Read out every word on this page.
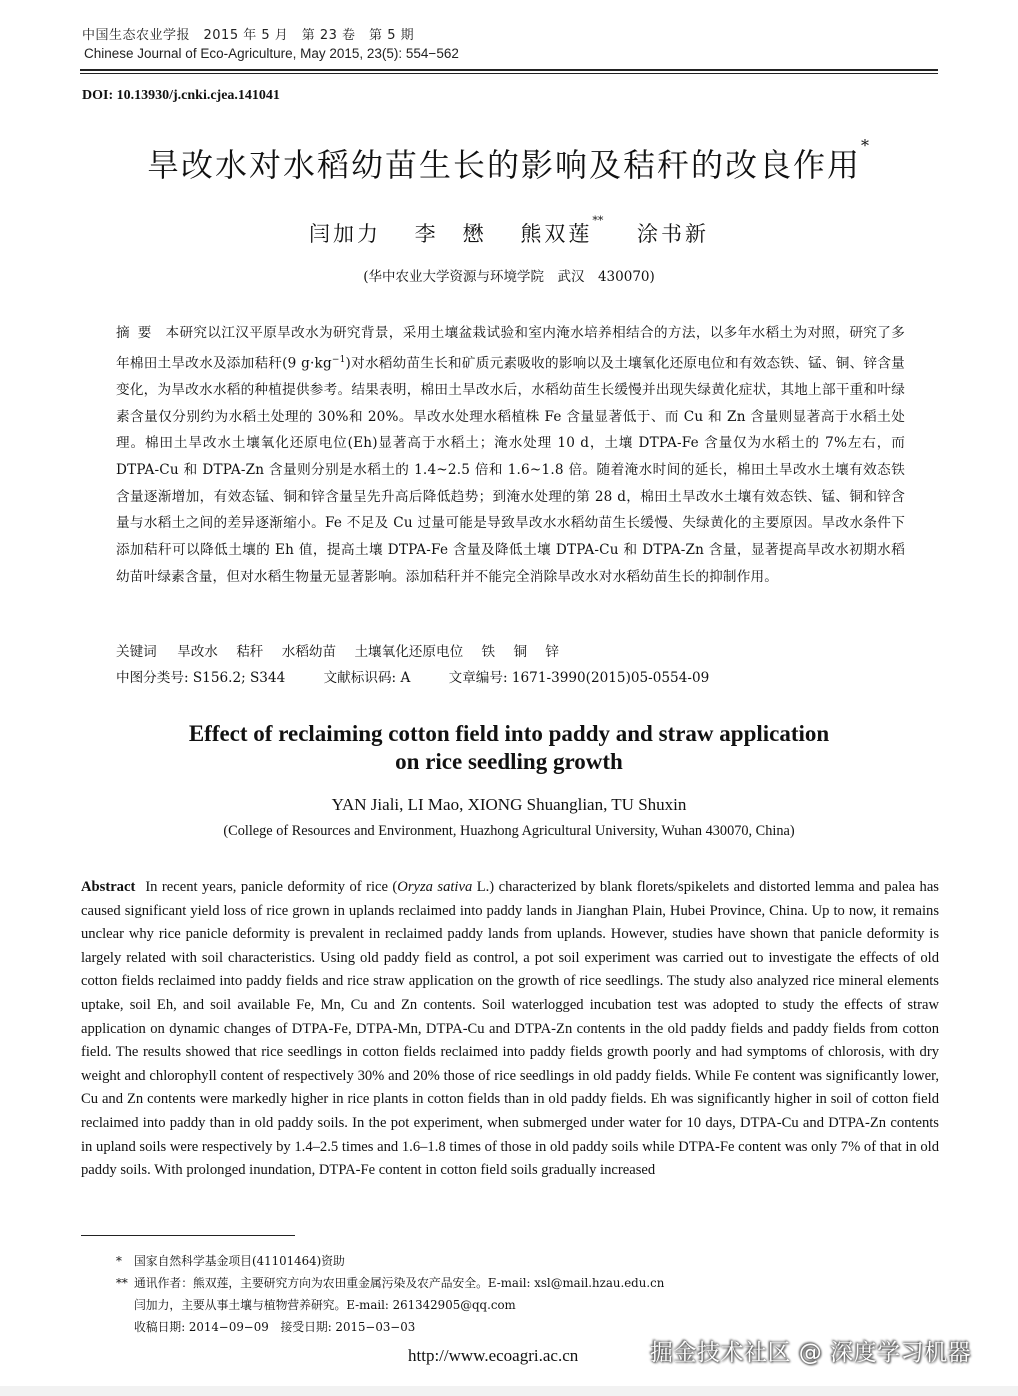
中国生态农业学报　2015 年 5 月　第 23 卷　第 5 期
Chinese Journal of Eco-Agriculture, May 2015, 23(5): 554−562
DOI: 10.13930/j.cnki.cjea.141041
旱改水对水稻幼苗生长的影响及秸秆的改良作用*
闫加力 李　懋 熊双莲** 涂书新
(华中农业大学资源与环境学院　武汉　430070)
摘要 本研究以江汉平原旱改水为研究背景，采用土壤盆栽试验和室内淹水培养相结合的方法，以多年水稻土为对照，研究了多年棉田土旱改水及添加秸秆(9 $g\cdot kg^{-1}$)对水稻幼苗生长和矿质元素吸收的影响以及土壤氧化还原电位和有效态铁、锰、铜、锌含量变化，为旱改水水稻的种植提供参考。结果表明，棉田土旱改水后，水稻幼苗生长缓慢并出现失绿黄化症状，其地上部干重和叶绿素含量仅分别约为水稻土处理的 30%和 20%。旱改水处理水稻植株 Fe 含量显著低于、而 Cu 和 Zn 含量则显著高于水稻土处理。棉田土旱改水土壤氧化还原电位(Eh)显著高于水稻土；淹水处理 10 d，土壤 DTPA-Fe 含量仅为水稻土的 7%左右，而 DTPA-Cu 和 DTPA-Zn 含量则分别是水稻土的 1.4~2.5 倍和 1.6~1.8 倍。随着淹水时间的延长，棉田土旱改水土壤有效态铁含量逐渐增加，有效态锰、铜和锌含量呈先升高后降低趋势；到淹水处理的第 28 d，棉田土旱改水土壤有效态铁、锰、铜和锌含量与水稻土之间的差异逐渐缩小。Fe 不足及 Cu 过量可能是导致旱改水水稻幼苗生长缓慢、失绿黄化的主要原因。旱改水条件下添加秸秆可以降低土壤的 Eh 值，提高土壤 DTPA-Fe 含量及降低土壤 DTPA-Cu 和 DTPA-Zn 含量，显著提高旱改水初期水稻幼苗叶绿素含量，但对水稻生物量无显著影响。添加秸秆并不能完全消除旱改水对水稻幼苗生长的抑制作用。
关键词 旱改水 秸秆 水稻幼苗 土壤氧化还原电位 铁 铜 锌
中图分类号: S156.2; S344	文献标识码: A	文章编号: 1671-3990(2015)05-0554-09
Effect of reclaiming cotton field into paddy and straw application
on rice seedling growth
YAN Jiali, LI Mao, XIONG Shuanglian, TU Shuxin
(College of Resources and Environment, Huazhong Agricultural University, Wuhan 430070, China)
Abstract In recent years, panicle deformity of rice (Oryza sativa L.) characterized by blank florets/spikelets and distorted lemma and palea has caused significant yield loss of rice grown in uplands reclaimed into paddy lands in Jianghan Plain, Hubei Province, China. Up to now, it remains unclear why rice panicle deformity is prevalent in reclaimed paddy lands from uplands. However, studies have shown that panicle deformity is largely related with soil characteristics. Using old paddy field as control, a pot soil experiment was carried out to investigate the effects of old cotton fields reclaimed into paddy fields and rice straw application on the growth of rice seedlings. The study also analyzed rice mineral elements uptake, soil Eh, and soil available Fe, Mn, Cu and Zn contents. Soil waterlogged incubation test was adopted to study the effects of straw application on dynamic changes of DTPA-Fe, DTPA-Mn, DTPA-Cu and DTPA-Zn contents in the old paddy fields and paddy fields from cotton field. The results showed that rice seedlings in cotton fields reclaimed into paddy fields growth poorly and had symptoms of chlorosis, with dry weight and chlorophyll content of respectively 30% and 20% those of rice seedlings in old paddy fields. While Fe content was significantly lower, Cu and Zn contents were markedly higher in rice plants in cotton fields than in old paddy fields. Eh was significantly higher in soil of cotton field reclaimed into paddy than in old paddy soils. In the pot experiment, when submerged under water for 10 days, DTPA-Cu and DTPA-Zn contents in upland soils were respectively by 1.4–2.5 times and 1.6–1.8 times of those in old paddy soils while DTPA-Fe content was only 7% of that in old paddy soils. With prolonged inundation, DTPA-Fe content in cotton field soils gradually increased
* 国家自然科学基金项目(41101464)资助
** 通讯作者：熊双莲，主要研究方向为农田重金属污染及农产品安全。E-mail: xsl@mail.hzau.edu.cn
闫加力，主要从事土壤与植物营养研究。E-mail: 261342905@qq.com
收稿日期: 2014−09−09　接受日期: 2015−03−03
http://www.ecoagri.ac.cn	掘金技术社区 @ 深度学习机器
